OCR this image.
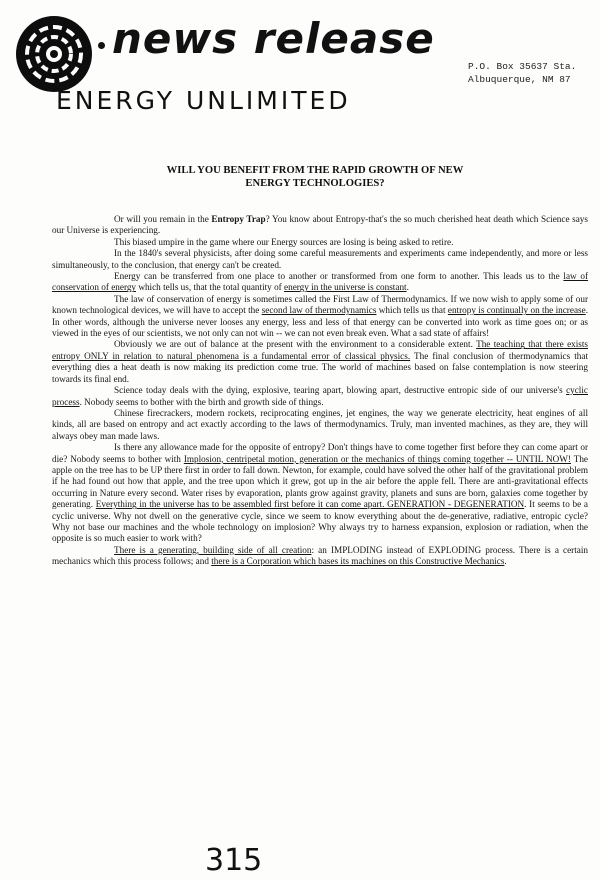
news release
ENERGY UNLIMITED
P.O. Box 35637 Sta.
Albuquerque, NM 87
WILL YOU BENEFIT FROM THE RAPID GROWTH OF NEW ENERGY TECHNOLOGIES?

Or will you remain in the Entropy Trap? You know about Entropy-that's the so much cherished heat death which Science says our Universe is experiencing.

This biased umpire in the game where our Energy sources are losing is being asked to retire.

In the 1840's several physicists, after doing some careful measurements and experiments came independently, and more or less simultaneously, to the conclusion, that energy can't be created.

Energy can be transferred from one place to another or transformed from one form to another. This leads us to the law of conservation of energy which tells us, that the total quantity of energy in the universe is constant.

The law of conservation of energy is sometimes called the First Law of Thermodynamics. If we now wish to apply some of our known technological devices, we will have to accept the second law of thermodynamics which tells us that entropy is continually on the increase. In other words, although the universe never looses any energy, less and less of that energy can be converted into work as time goes on; or as viewed in the eyes of our scientists, we not only can not win -- we can not even break even. What a sad state of affairs!

Obviously we are out of balance at the present with the environment to a considerable extent. The teaching that there exists entropy ONLY in relation to natural phenomena is a fundamental error of classical physics. The final conclusion of thermodynamics that everything dies a heat death is now making its prediction come true. The world of machines based on false contemplation is now steering towards its final end.

Science today deals with the dying, explosive, tearing apart, blowing apart, destructive entropic side of our universe's cyclic process. Nobody seems to bother with the birth and growth side of things.

Chinese firecrackers, modern rockets, reciprocating engines, jet engines, the way we generate electricity, heat engines of all kinds, all are based on entropy and act exactly according to the laws of thermodynamics. Truly, man invented machines, as they are, they will always obey man made laws.

Is there any allowance made for the opposite of entropy? Don't things have to come together first before they can come apart or die? Nobody seems to bother with Implosion, centripetal motion, generation or the mechanics of things coming together -- UNTIL NOW! The apple on the tree has to be UP there first in order to fall down. Newton, for example, could have solved the other half of the gravitational problem if he had found out how that apple, and the tree upon which it grew, got up in the air before the apple fell. There are anti-gravitational effects occurring in Nature every second. Water rises by evaporation, plants grow against gravity, planets and suns are born, galaxies come together by generating. Everything in the universe has to be assembled first before it can come apart. GENERATION - DEGENERATION. It seems to be a cyclic universe. Why not dwell on the generative cycle, since we seem to know everything about the de-generative, radiative, entropic cycle? Why not base our machines and the whole technology on implosion? Why always try to harness expansion, explosion or radiation, when the opposite is so much easier to work with?

There is a generating, building side of all creation: an IMPLODING instead of EXPLODING process. There is a certain mechanics which this process follows; and there is a Corporation which bases its machines on this Constructive Mechanics.

315
